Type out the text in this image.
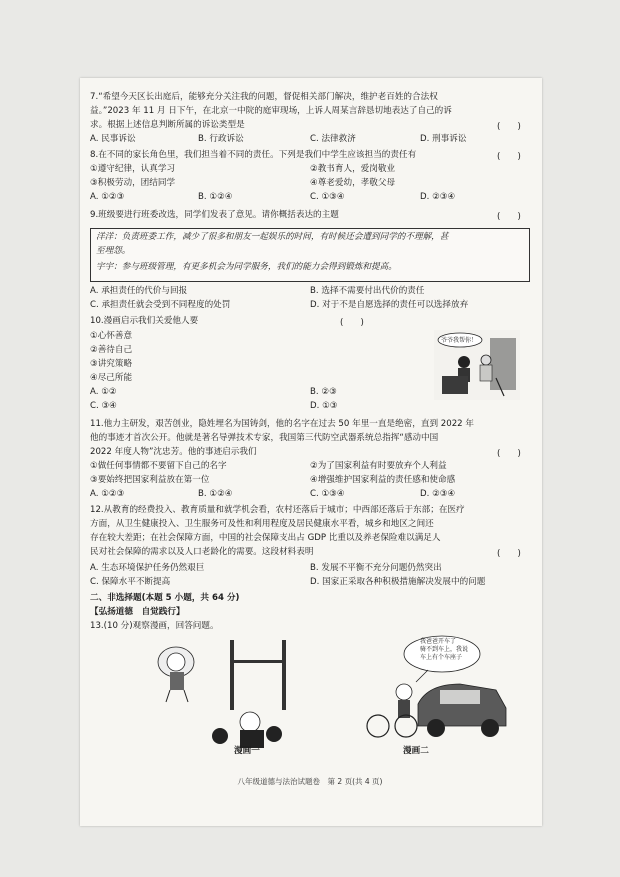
7.“希望今天区长出庭后，能够充分关注我的问题，督促相关部门解决，维护老百姓的合法权
益。”2023 年 11 月 日下午，在北京一中院的庭审现场，上诉人周某言辞恳切地表达了自己的诉
求。根据上述信息判断所属的诉讼类型是	(　　)
A. 民事诉讼	B. 行政诉讼	C. 法律救济	D. 刑事诉讼
8.在不同的家长角色里，我们担当着不同的责任。下列是我们中学生应该担当的责任有	(　　)
①遵守纪律，认真学习	②教书育人，爱岗敬业
③积极劳动，团结同学	④尊老爱幼，孝敬父母
A. ①②③	B. ①②④	C. ①③④	D. ②③④
9.班级要进行班委改选，同学们发表了意见。请你概括表达的主题	(　　)
洋洋：负责班委工作，减少了很多和朋友一起娱乐的时间，有时候还会遭到同学的不理解，甚
至埋怨。
宇宇：参与班级管理，有更多机会为同学服务，我们的能力会得到锻炼和提高。
A. 承担责任的代价与回报	B. 选择不需要付出代价的责任
C. 承担责任就会受到不同程度的处罚	D. 对于不是自愿选择的责任可以选择放弃
10.漫画启示我们关爱他人要	(　　)
①心怀善意
②善待自己
③讲究策略
④尽己所能
A. ①②	B. ②③
C. ③④	D. ①③
爷爷我帮你！
11.他力主研发，艰苦创业，隐姓埋名为国铸剑，他的名字在过去 50 年里一直是绝密，直到 2022 年
他的事迹才首次公开。他就是著名导弹技术专家，我国第三代防空武器系统总指挥“感动中国
2022 年度人物”沈忠芳。他的事迹启示我们	(　　)
①做任何事情都不要留下自己的名字	②为了国家利益有时要放弃个人利益
③要始终把国家利益放在第一位	④增强维护国家利益的责任感和使命感
A. ①②③	B. ①②④	C. ①③④	D. ②③④
12.从教育的经费投入、教育质量和就学机会看，农村还落后于城市；中西部还落后于东部；在医疗
方面，从卫生健康投入、卫生服务可及性和利用程度及居民健康水平看，城乡和地区之间还
存在较大差距；在社会保障方面，中国的社会保障支出占 GDP 比重以及养老保险难以满足人
民对社会保障的需求以及人口老龄化的需要。这段材料表明	(　　)
A. 生态环境保护任务仍然艰巨	B. 发展不平衡不充分问题仍然突出
C. 保障水平不断提高	D. 国家正采取各种积极措施解决发展中的问题
二、非选择题(本题 5 小题，共 64 分)
【弘扬道德　自觉践行】
13.(10 分)观察漫画，回答问题。
漫画一
我爸爸开车了
骑不到车上，我说
车上有个车座子
漫画二
八年级道德与法治试题卷　第 2 页(共 4 页)
